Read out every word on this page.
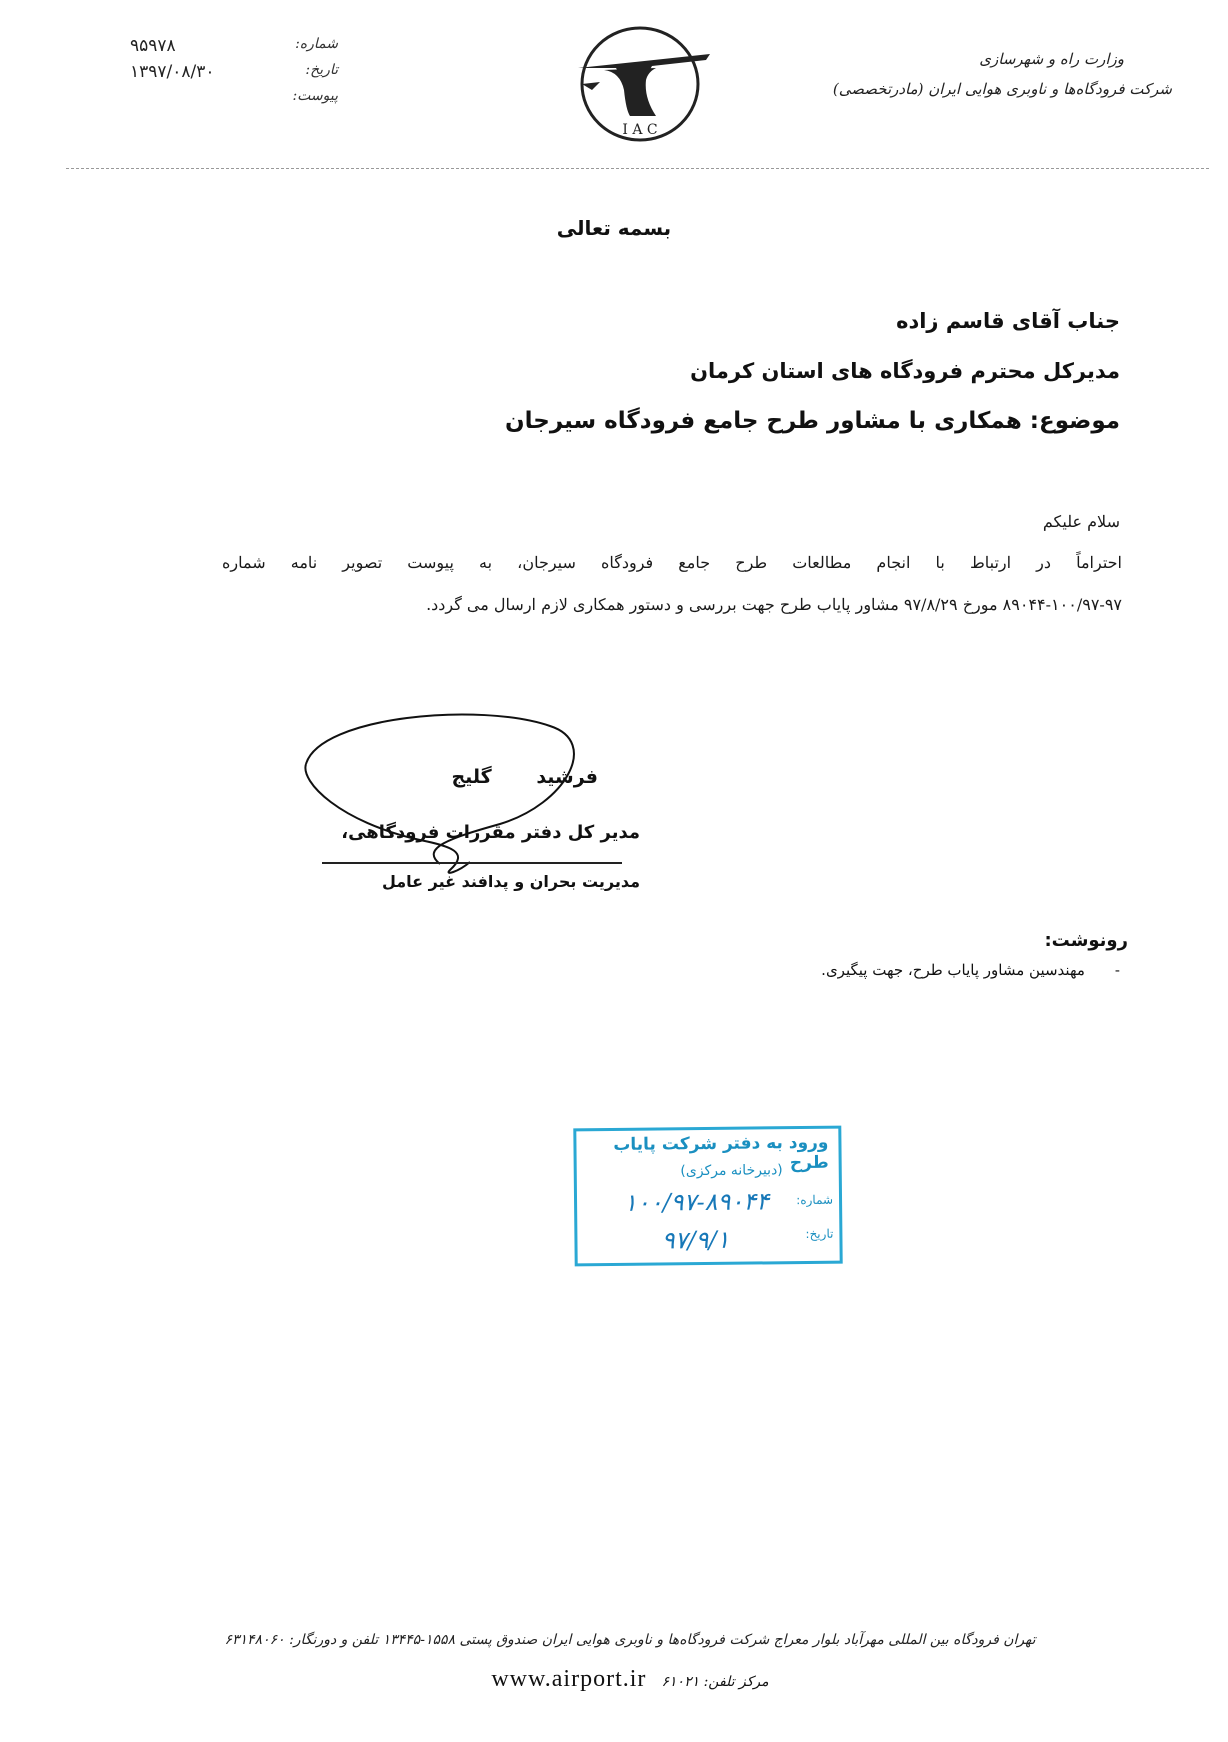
۹۵۹۷۸	شماره:
۱۳۹۷/۰۸/۳۰	تاریخ:
پیوست:
I A C
وزارت راه و شهرسازی
شرکت فرودگاه‌ها و ناوبری هوایی ایران (مادرتخصصی)
بسمه تعالی
جناب آقای قاسم زاده
مدیرکل محترم فرودگاه های استان کرمان
موضوع: همکاری با مشاور طرح جامع فرودگاه سیرجان
سلام علیکم
احتراماً در ارتباط با انجام مطالعات طرح جامع فرودگاه سیرجان، به پیوست تصویر نامه شماره
۸۹۰۴۴-۱۰۰/۹۷-۹۷ مورخ ۹۷/۸/۲۹ مشاور پایاب طرح جهت بررسی و دستور همکاری لازم ارسال می گردد.
فرشید گلیج
مدیر کل دفتر مقررات فرودگاهی،
مدیریت بحران و پدافند غیر عامل
رونوشت:
-مهندسین مشاور پایاب طرح، جهت پیگیری.
ورود به دفتر شرکت پایاب طرح
(دبیرخانه مرکزی)
شماره:
۱۰۰/۹۷-۸۹۰۴۴
تاریخ:
۹۷/۹/۱
تهران فرودگاه بین المللی مهرآباد بلوار معراج شرکت فرودگاه‌ها و ناوبری هوایی ایران صندوق پستی ۱۵۵۸-۱۳۴۴۵ تلفن و دورنگار: ۶۳۱۴۸۰۶۰
www.airport.ir مرکز تلفن: ۶۱۰۲۱
